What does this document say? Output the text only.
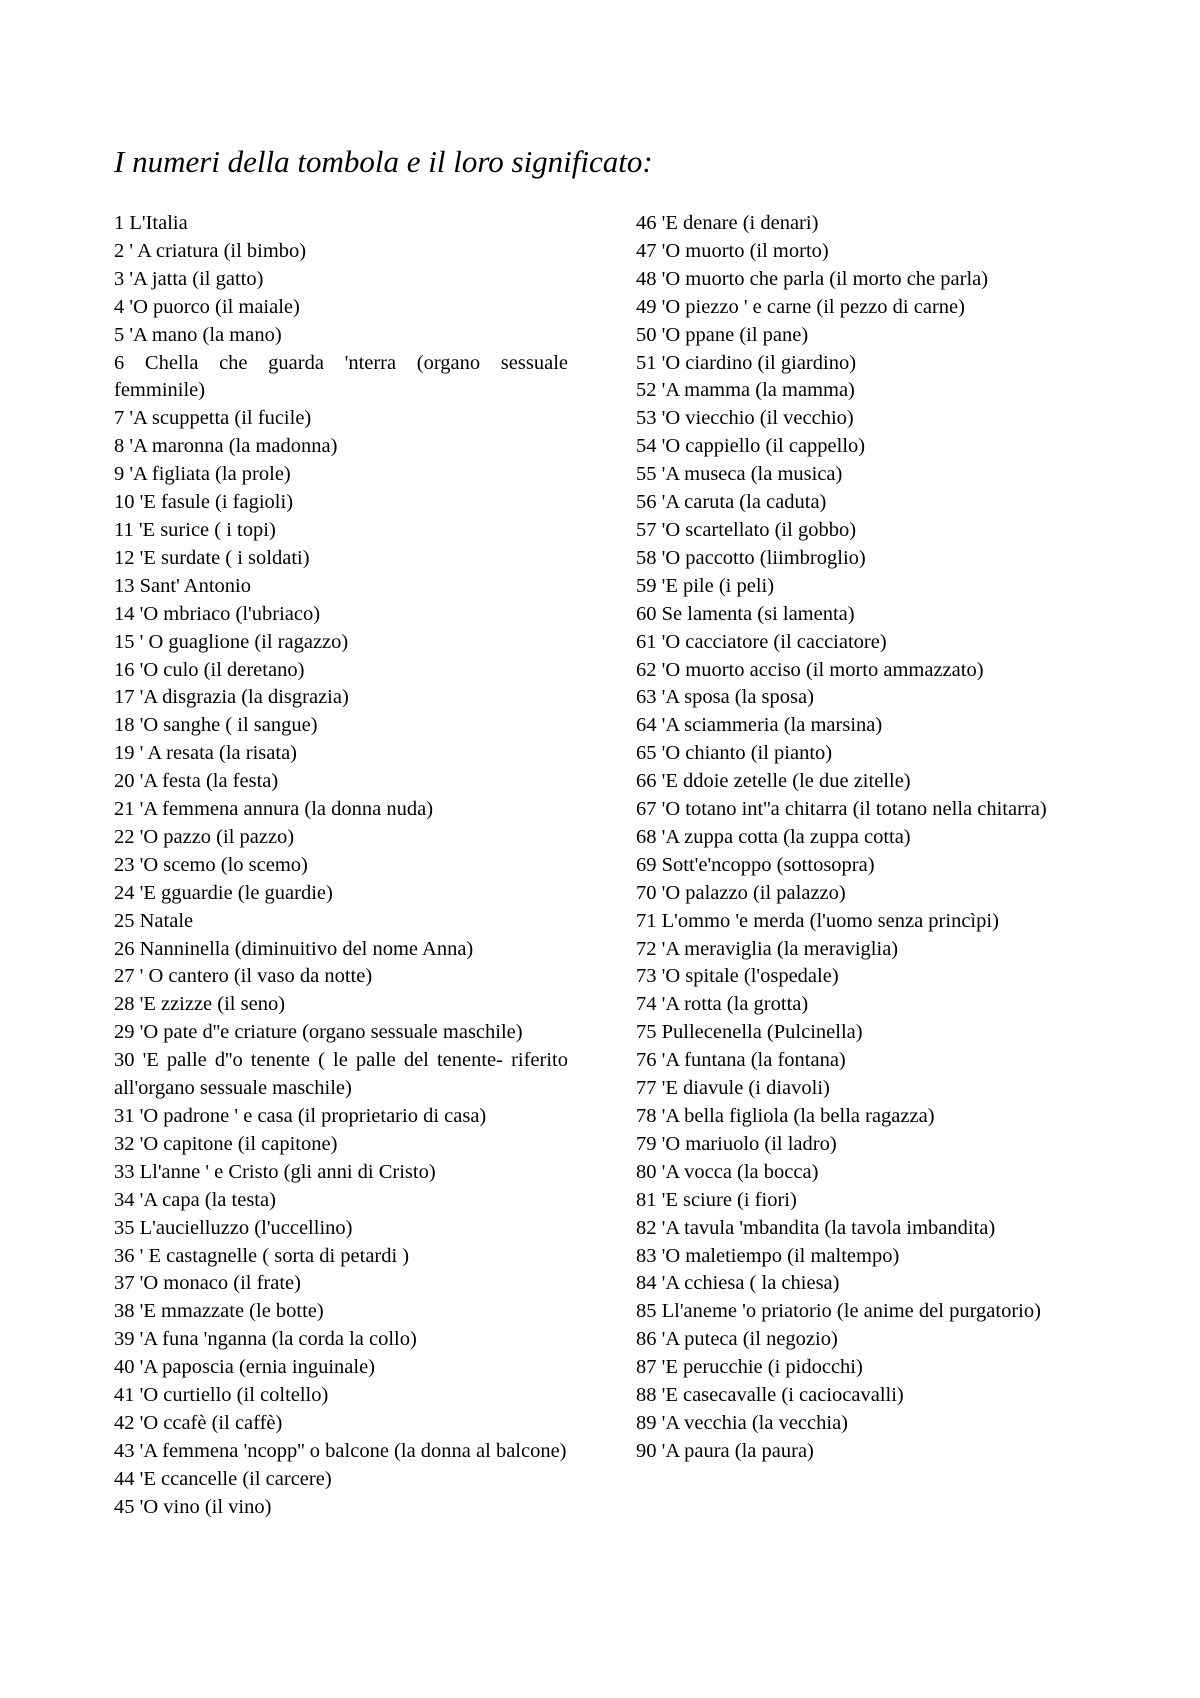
I numeri della tombola e il loro significato:
1 L'Italia
2 ' A criatura (il bimbo)
3 'A jatta (il gatto)
4 'O puorco (il maiale)
5 'A mano (la mano)
6 Chella che guarda 'nterra (organo sessuale femminile)
7 'A scuppetta (il fucile)
8 'A maronna (la madonna)
9 'A figliata (la prole)
10 'E fasule (i fagioli)
11 'E surice ( i topi)
12 'E surdate ( i soldati)
13 Sant' Antonio
14 'O mbriaco (l'ubriaco)
15 ' O guaglione (il ragazzo)
16 'O culo (il deretano)
17 'A disgrazia (la disgrazia)
18 'O sanghe ( il sangue)
19 ' A resata (la risata)
20 'A festa (la festa)
21 'A femmena annura (la donna nuda)
22 'O pazzo (il pazzo)
23 'O scemo (lo scemo)
24 'E gguardie (le guardie)
25 Natale
26 Nanninella (diminuitivo del nome Anna)
27 ' O cantero (il vaso da notte)
28 'E zzizze (il seno)
29 'O pate d''e criature (organo sessuale maschile)
30 'E palle d''o tenente ( le palle del tenente- riferito all'organo sessuale maschile)
31 'O padrone ' e casa (il proprietario di casa)
32 'O capitone (il capitone)
33 Ll'anne ' e Cristo (gli anni di Cristo)
34 'A capa (la testa)
35 L'aucielluzzo (l'uccellino)
36 ' E castagnelle ( sorta di petardi )
37 'O monaco (il frate)
38 'E mmazzate (le botte)
39 'A funa 'nganna (la corda la collo)
40 'A paposcia (ernia inguinale)
41 'O curtiello (il coltello)
42 'O ccafè (il caffè)
43 'A femmena 'ncopp'' o balcone (la donna al balcone)
44 'E ccancelle (il carcere)
45 'O vino (il vino)
46 'E denare (i denari)
47 'O muorto (il morto)
48 'O muorto che parla (il morto che parla)
49 'O piezzo ' e carne (il pezzo di carne)
50 'O ppane (il pane)
51 'O ciardino (il giardino)
52 'A mamma (la mamma)
53 'O viecchio (il vecchio)
54 'O cappiello (il cappello)
55 'A museca (la musica)
56 'A caruta (la caduta)
57 'O scartellato (il gobbo)
58 'O paccotto (liimbroglio)
59 'E pile (i peli)
60 Se lamenta (si lamenta)
61 'O cacciatore (il cacciatore)
62 'O muorto acciso (il morto ammazzato)
63 'A sposa (la sposa)
64 'A sciammeria (la marsina)
65 'O chianto (il pianto)
66 'E ddoie zetelle (le due zitelle)
67 'O totano int''a chitarra (il totano nella chitarra)
68 'A zuppa cotta (la zuppa cotta)
69 Sott'e'ncoppo (sottosopra)
70 'O palazzo (il palazzo)
71 L'ommo 'e merda (l'uomo senza princìpi)
72 'A meraviglia (la meraviglia)
73 'O spitale (l'ospedale)
74 'A rotta (la grotta)
75 Pullecenella (Pulcinella)
76 'A funtana (la fontana)
77 'E diavule (i diavoli)
78 'A bella figliola (la bella ragazza)
79 'O mariuolo (il ladro)
80 'A vocca (la bocca)
81 'E sciure (i fiori)
82 'A tavula 'mbandita (la tavola imbandita)
83 'O maletiempo (il maltempo)
84 'A cchiesa ( la chiesa)
85 Ll'aneme 'o priatorio (le anime del purgatorio)
86 'A puteca (il negozio)
87 'E perucchie (i pidocchi)
88 'E casecavalle (i caciocavalli)
89 'A vecchia (la vecchia)
90 'A paura (la paura)
